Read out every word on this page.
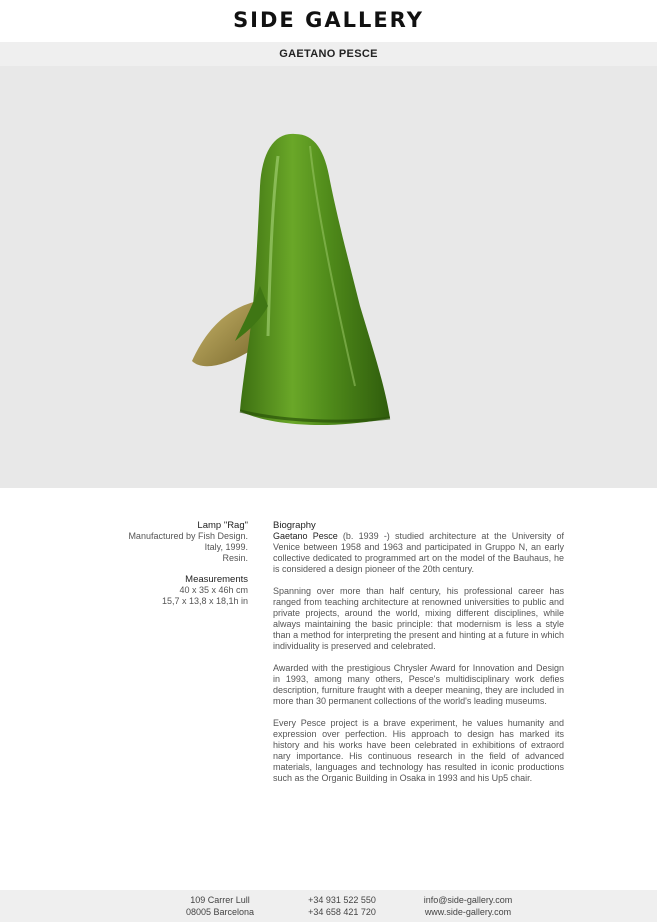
SIDE GALLERY
GAETANO PESCE
Lamp "Rag"
Manufactured by Fish Design.
Italy, 1999.
Resin.
Measurements
40 x 35 x 46h cm
15,7 x 13,8 x 18,1h in
Biography

Gaetano Pesce (b. 1939 -) studied architecture at the University of Venice between 1958 and 1963 and participated in Gruppo N, an early collective dedicated to programmed art on the model of the Bauhaus, he is considered a design pioneer of the 20th century.

Spanning over more than half century, his professional career has ranged from teaching architecture at renowned universities to public and private projects, around the world, mixing different disciplines, while always maintaining the basic principle: that modernism is less a style than a method for interpreting the present and hinting at a future in which individuality is preserved and celebrated.

Awarded with the prestigious Chrysler Award for Innovation and Design in 1993, among many others, Pesce's multidisciplinary work defies description, furniture fraught with a deeper meaning, they are included in more than 30 permanent collections of the world's leading museums.

Every Pesce project is a brave experiment, he values humanity and expression over perfection. His approach to design has marked its history and his works have been celebrated in exhibitions of extraord nary importance. His continuous research in the field of advanced materials, languages and technology has resulted in iconic productions such as the Organic Building in Osaka in 1993 and his Up5 chair.

109 Carrer Lull
08005 Barcelona
+34 931 522 550
+34 658 421 720
info@side-gallery.com
www.side-gallery.com
